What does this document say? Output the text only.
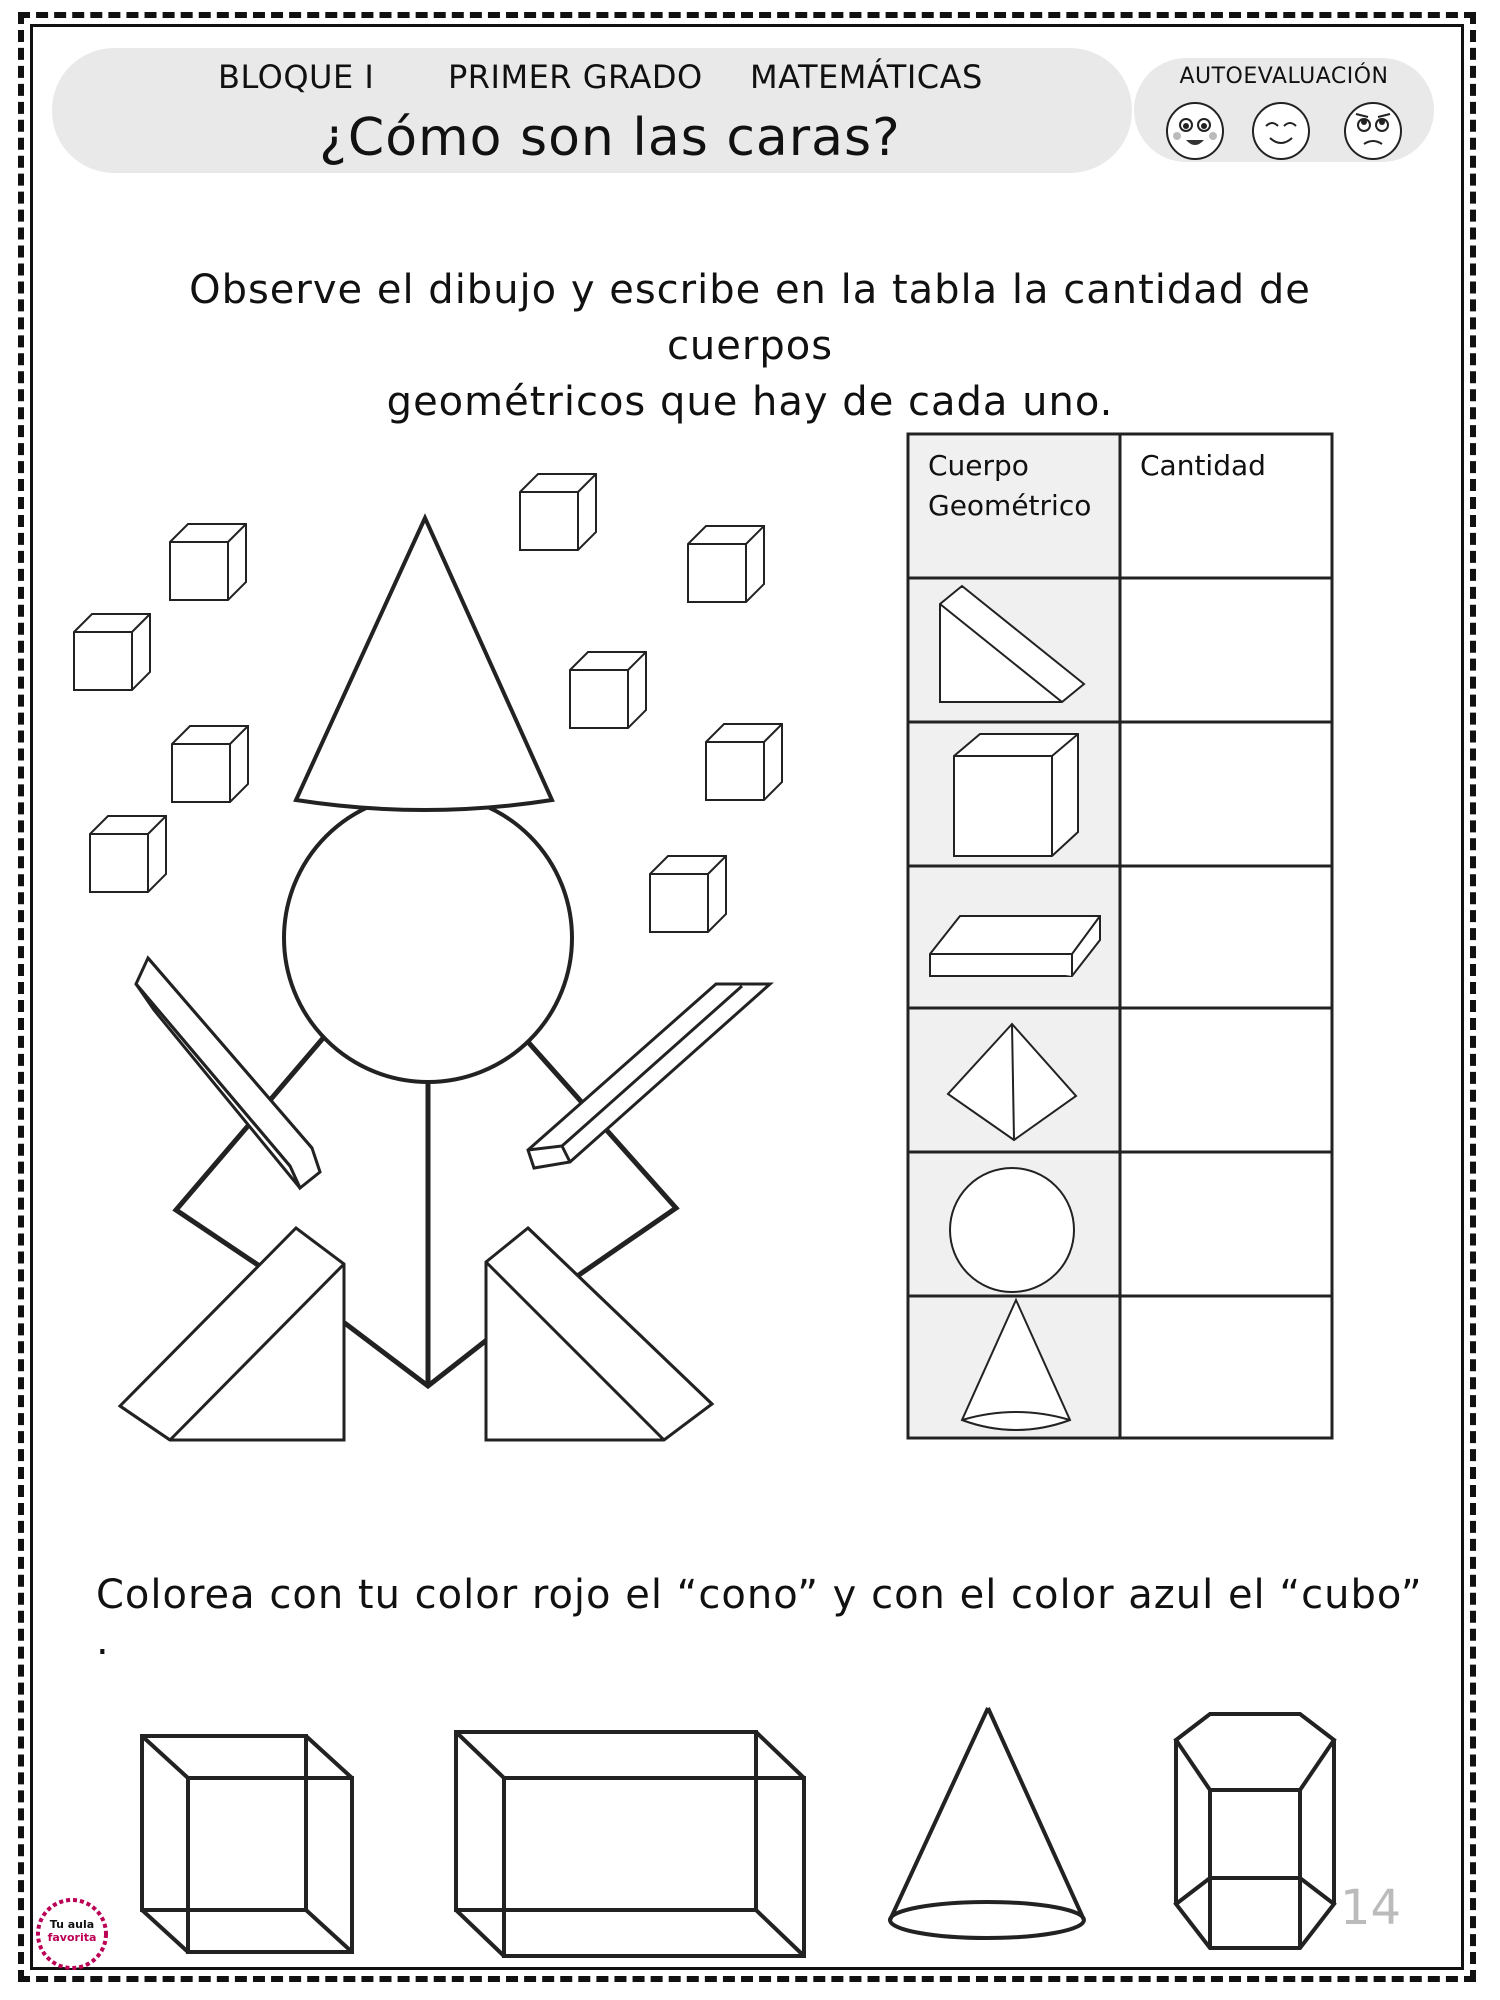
BLOQUE I PRIMER GRADO MATEMÁTICAS
¿Cómo son las caras?
AUTOEVALUACIÓN
Observe el dibujo y escribe en la tabla la cantidad de cuerpos
geométricos que hay de cada uno.
Cuerpo
Geométrico
Cantidad
Colorea con tu color rojo el “cono” y con el color azul el “cubo” .
Tu aula
favorita
14
